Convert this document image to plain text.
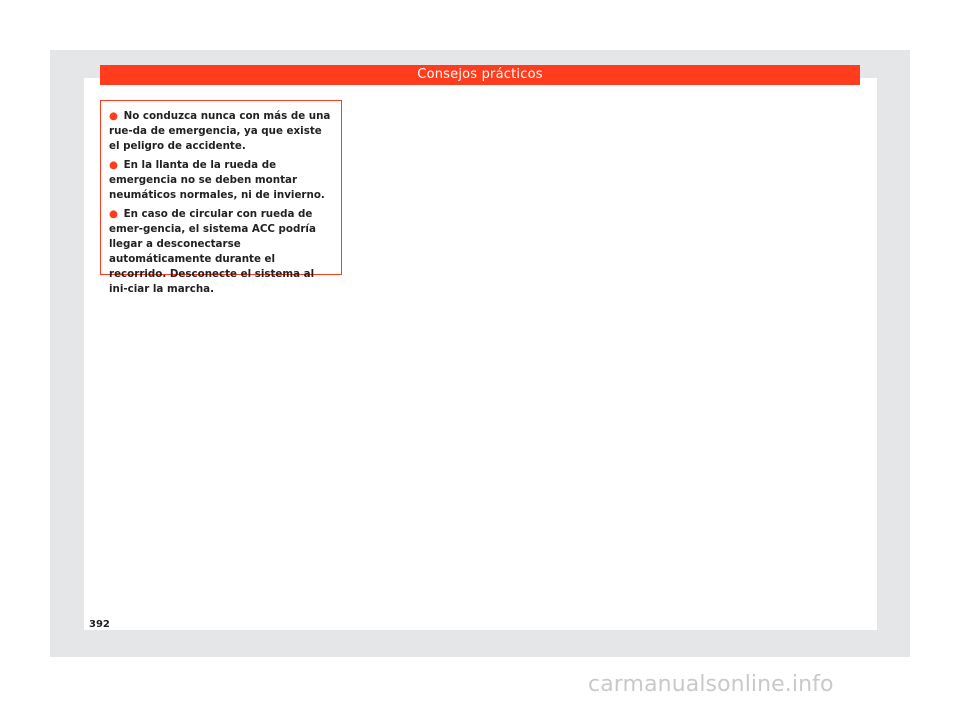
Consejos prácticos

● No conduzca nunca con más de una rue-da de emergencia, ya que existe el peligro de accidente.

● En la llanta de la rueda de emergencia no se deben montar neumáticos normales, ni de invierno.

● En caso de circular con rueda de emer-gencia, el sistema ACC podría llegar a desconectarse automáticamente durante el recorrido. Desconecte el sistema al ini-ciar la marcha.

392
carmanualsonline.info
